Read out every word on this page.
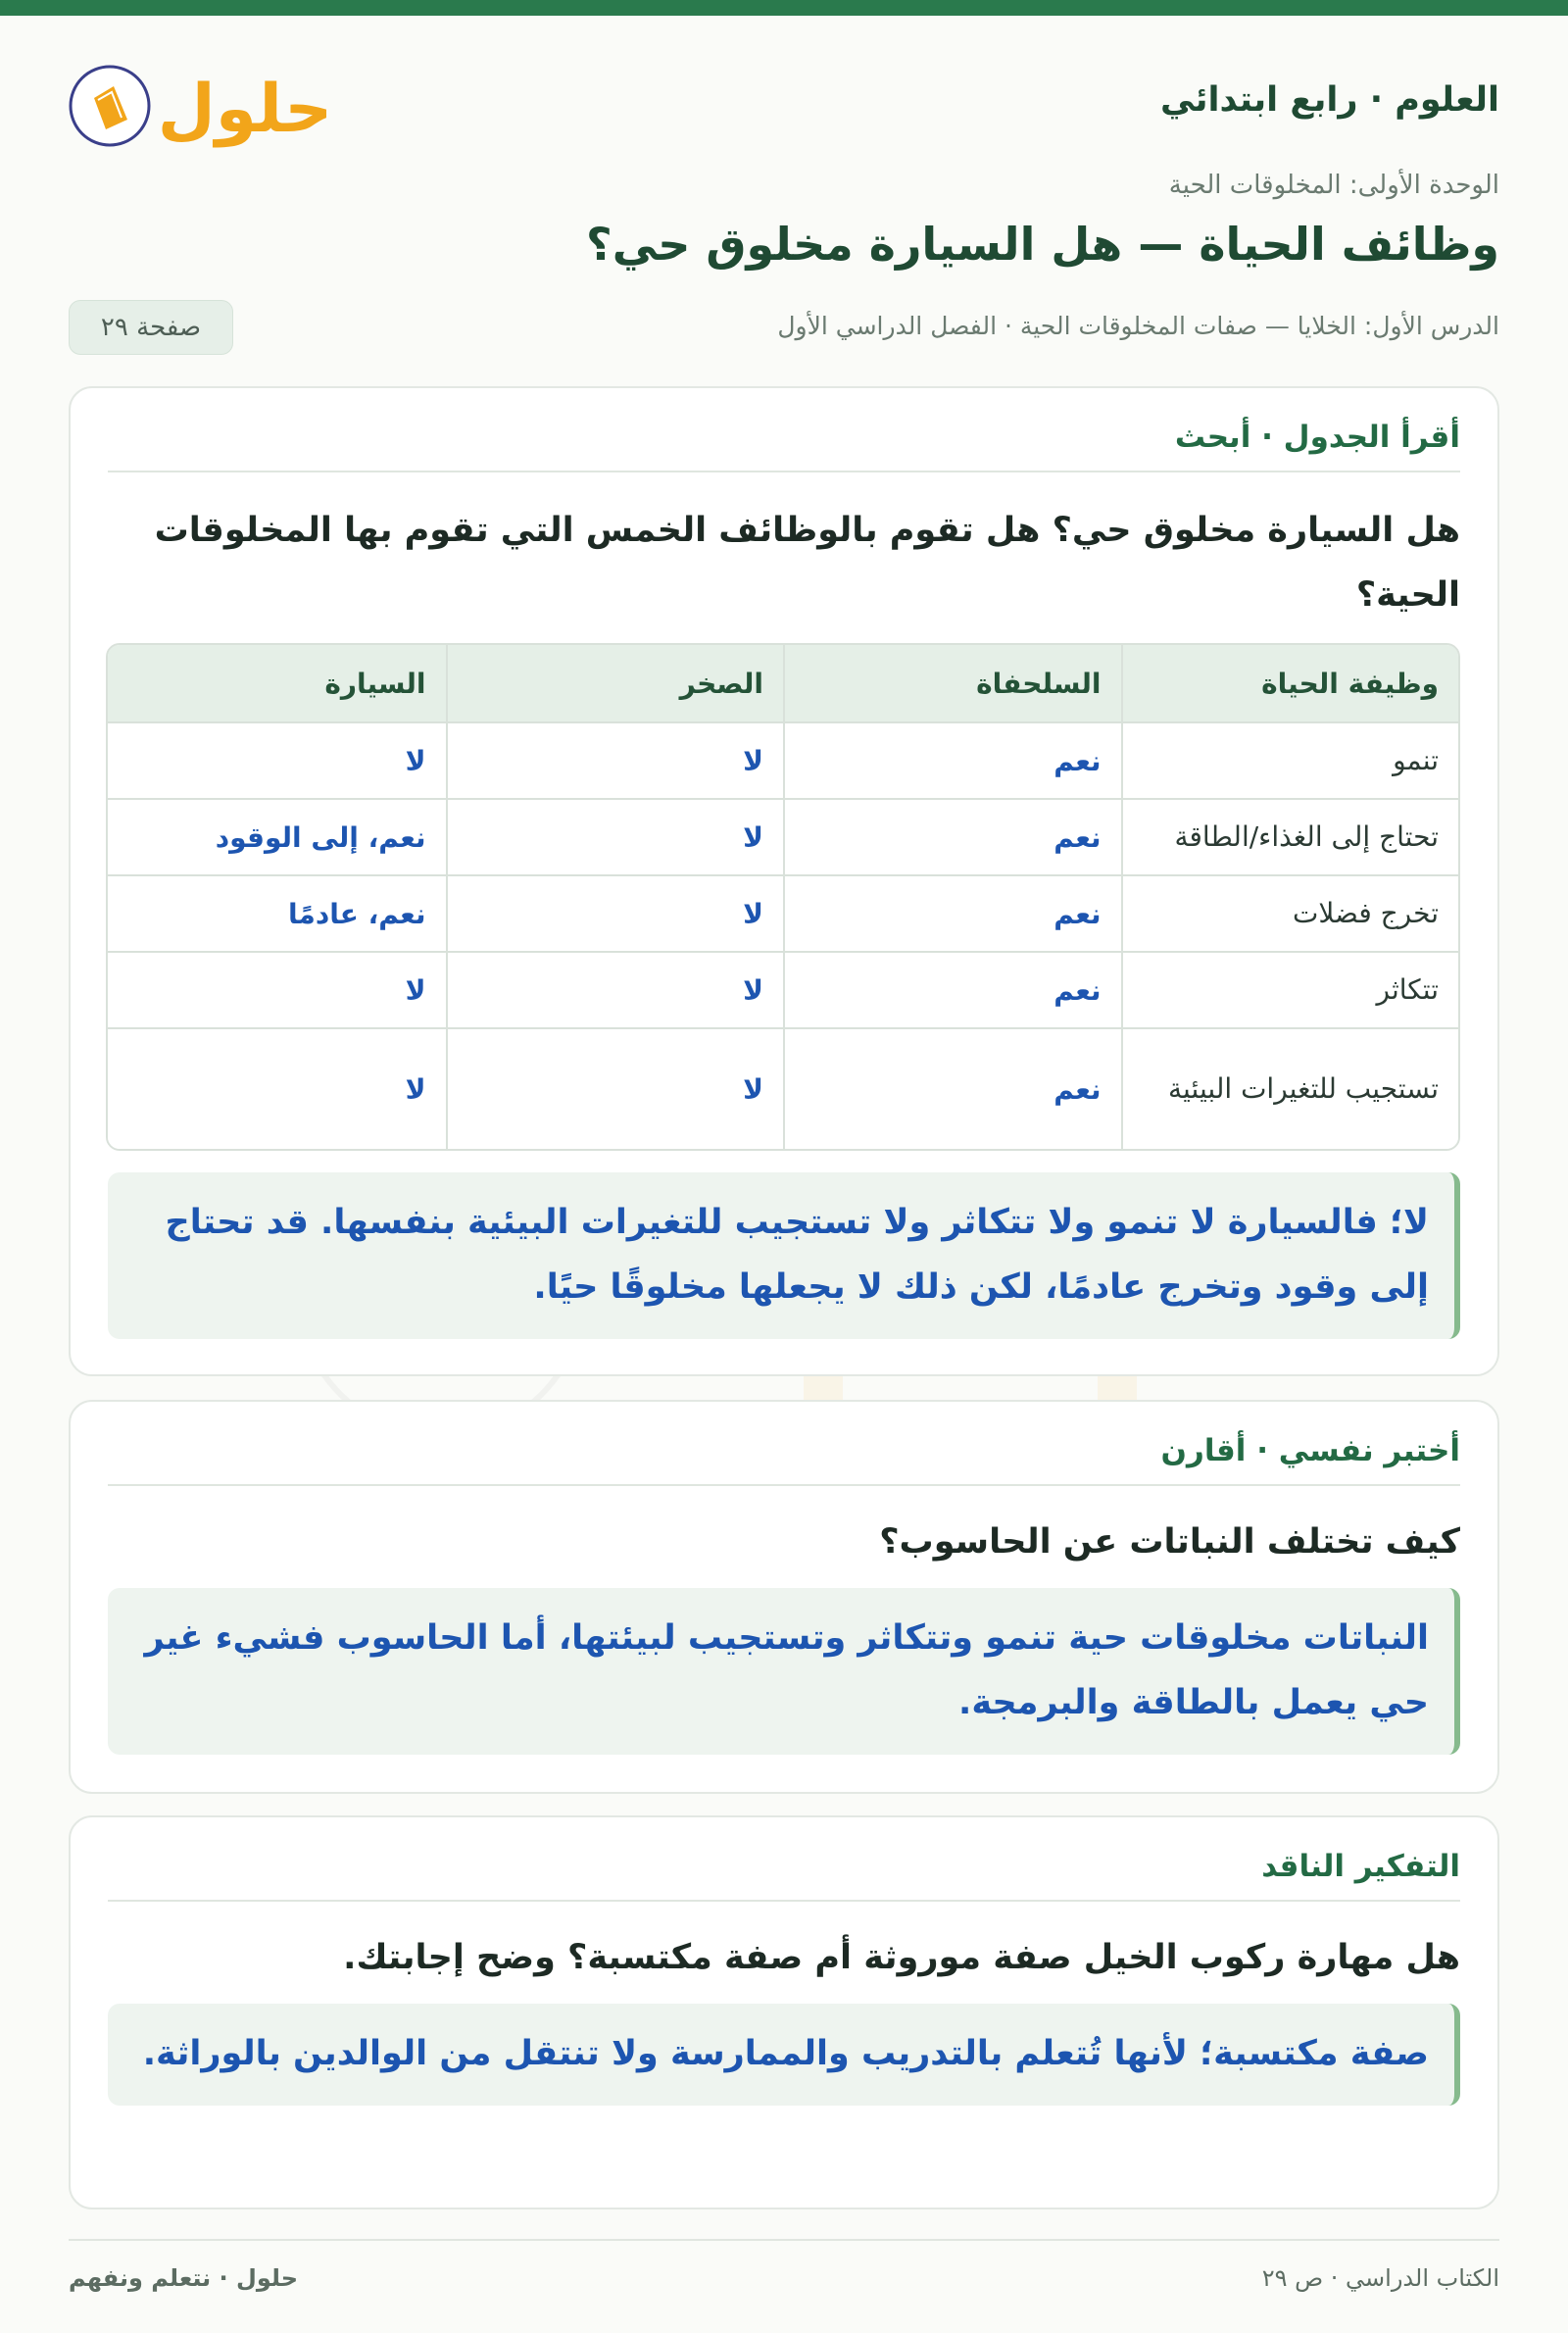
العلوم · رابع ابتدائي
حلول
الوحدة الأولى: المخلوقات الحية
وظائف الحياة — هل السيارة مخلوق حي؟
الدرس الأول: الخلايا — صفات المخلوقات الحية · الفصل الدراسي الأول
صفحة ٢٩
أقرأ الجدول · أبحث
هل السيارة مخلوق حي؟ هل تقوم بالوظائف الخمس التي تقوم بها المخلوقات الحية؟
وظيفة الحياة	السلحفاة	الصخر	السيارة
تنمو	نعم	لا	لا
تحتاج إلى الغذاء/الطاقة	نعم	لا	نعم، إلى الوقود
تخرج فضلات	نعم	لا	نعم، عادمًا
تتكاثر	نعم	لا	لا
تستجيب للتغيرات البيئية	نعم	لا	لا
لا؛ فالسيارة لا تنمو ولا تتكاثر ولا تستجيب للتغيرات البيئية بنفسها. قد تحتاج إلى وقود وتخرج عادمًا، لكن ذلك لا يجعلها مخلوقًا حيًا.
أختبر نفسي · أقارن
كيف تختلف النباتات عن الحاسوب؟
النباتات مخلوقات حية تنمو وتتكاثر وتستجيب لبيئتها، أما الحاسوب فشيء غير حي يعمل بالطاقة والبرمجة.
التفكير الناقد
هل مهارة ركوب الخيل صفة موروثة أم صفة مكتسبة؟ وضح إجابتك.
صفة مكتسبة؛ لأنها تُتعلم بالتدريب والممارسة ولا تنتقل من الوالدين بالوراثة.
الكتاب الدراسي · ص ٢٩
حلول · نتعلم ونفهم
